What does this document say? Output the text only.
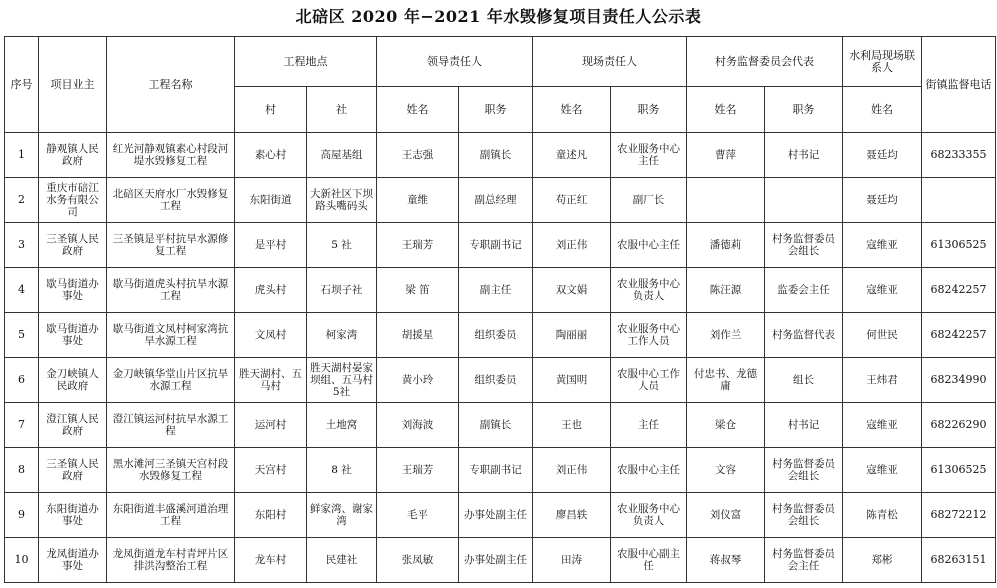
北碚区 2020 年−2021 年水毁修复项目责任人公示表
序号	项目业主	工程名称	工程地点		领导责任人		现场责任人		村务监督委员会代表		水利局现场联系人	街镇监督电话
			村	社	姓名	职务	姓名	职务	姓名	职务	姓名	
1	静观镇人民政府	红光河静观镇素心村段河堤水毁修复工程	素心村	高屋基组	王志强	副镇长	童述凡	农业服务中心主任	曹萍	村书记	聂廷均	68233355
2	重庆市碚江水务有限公司	北碚区天府水厂水毁修复工程	东阳街道	大新社区下坝路头嘴码头	童维	副总经理	苟正红	副厂长			聂廷均	
3	三圣镇人民政府	三圣镇是平村抗旱水源修复工程	是平村	5 社	王瑞芳	专职副书记	刘正伟	农服中心主任	潘德莉	村务监督委员会组长	寇维亚	61306525
4	歇马街道办事处	歇马街道虎头村抗旱水源工程	虎头村	石坝子社	梁 笛	副主任	双文娟	农业服务中心负责人	陈汪源	监委会主任	寇维亚	68242257
5	歇马街道办事处	歇马街道文凤村柯家湾抗旱水源工程	文凤村	柯家湾	胡援星	组织委员	陶丽丽	农业服务中心工作人员	刘作兰	村务监督代表	何世民	68242257
6	金刀峡镇人民政府	金刀峡镇华堂山片区抗旱水源工程	胜天湖村、五马村	胜天湖村晏家坝组、五马村5社	黄小玲	组织委员	黄国明	农服中心工作人员	付忠书、龙德庸	组长	王炜君	68234990
7	澄江镇人民政府	澄江镇运河村抗旱水源工程	运河村	土地窝	刘海波	副镇长	王也	主任	梁仓	村书记	寇维亚	68226290
8	三圣镇人民政府	黑水滩河三圣镇天宫村段水毁修复工程	天宫村	8 社	王瑞芳	专职副书记	刘正伟	农服中心主任	文容	村务监督委员会组长	寇维亚	61306525
9	东阳街道办事处	东阳街道丰盛溪河道治理工程	东阳村	鲜家湾、谢家湾	毛平	办事处副主任	廖昌轶	农业服务中心负责人	刘仪富	村务监督委员会组长	陈青松	68272212
10	龙凤街道办事处	龙凤街道龙车村青坪片区排洪沟整治工程	龙车村	民建社	张凤敏	办事处副主任	田涛	农服中心副主任	蒋叔琴	村务监督委员会主任	郑彬	68263151
